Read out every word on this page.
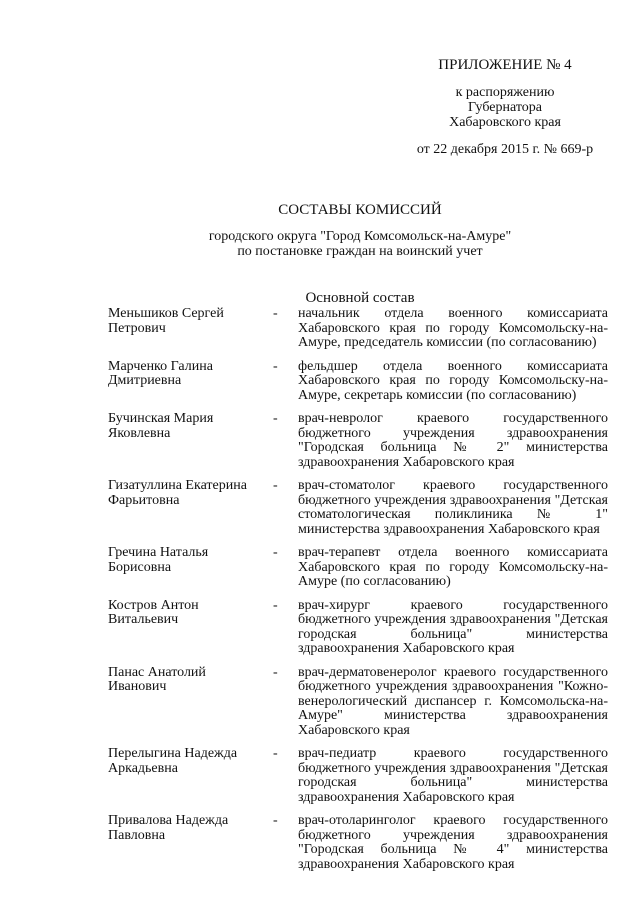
ПРИЛОЖЕНИЕ № 4
к распоряжению
Губернатора
Хабаровского края
от 22 декабря 2015 г. № 669-р
СОСТАВЫ КОМИССИЙ
городского округа "Город Комсомольск-на-Амуре"
по постановке граждан на воинский учет
Основной состав
Меньшиков Сергей
Петрович
-	начальник отдела военного комиссариата Хабаровского края по городу Комсомольску-на-Амуре, председатель комиссии (по согласованию)
Марченко Галина
Дмитриевна
-	фельдшер отдела военного комиссариата Хабаровского края по городу Комсомольску-на-Амуре, секретарь комиссии (по согласованию)
Бучинская Мария
Яковлевна
-	врач-невролог краевого государственного бюджетного учреждения здравоохранения "Городская больница № 2" министерства здравоохранения Хабаровского края
Гизатуллина Екатерина
Фарьитовна
-	врач-стоматолог краевого государственного бюджетного учреждения здравоохранения "Детская стоматологическая поликлиника № 1" министерства здравоохранения Хабаровского края
Гречина Наталья
Борисовна
-	врач-терапевт отдела военного комиссариата Хабаровского края по городу Комсомольску-на-Амуре (по согласованию)
Костров Антон
Витальевич
-	врач-хирург краевого государственного бюджетного учреждения здравоохранения "Детская городская больница" министерства здравоохранения Хабаровского края
Панас Анатолий
Иванович
-	врач-дерматовенеролог краевого государственного бюджетного учреждения здравоохранения "Кожно-венерологический диспансер г. Комсомольска-на-Амуре" министерства здравоохранения Хабаровского края
Перелыгина Надежда
Аркадьевна
-	врач-педиатр краевого государственного бюджетного учреждения здравоохранения "Детская городская больница" министерства здравоохранения Хабаровского края
Привалова Надежда
Павловна
-	врач-отоларинголог краевого государственного бюджетного учреждения здравоохранения "Городская больница № 4" министерства здравоохранения Хабаровского края
